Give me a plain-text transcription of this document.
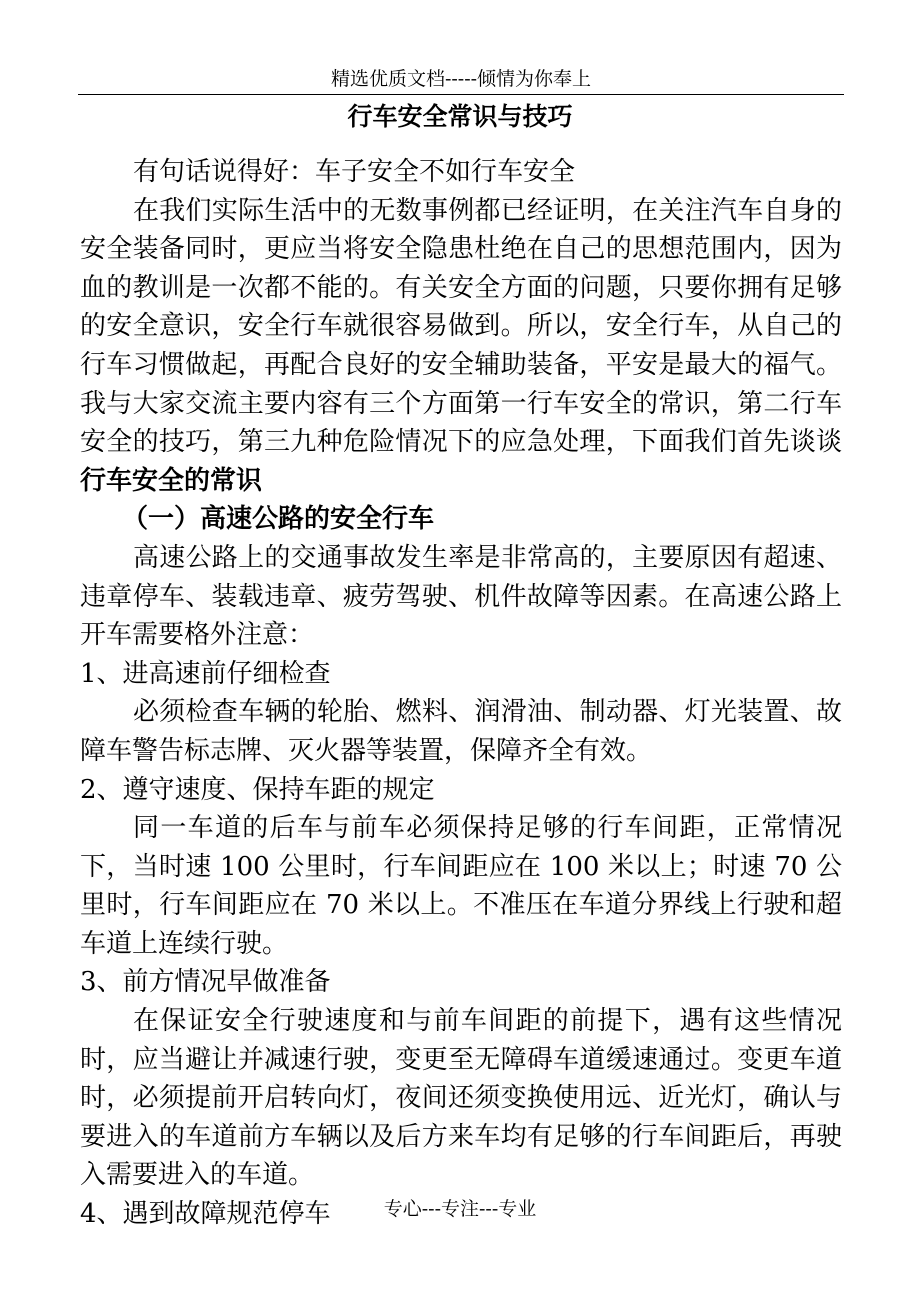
精选优质文档-----倾情为你奉上
行车安全常识与技巧

有句话说得好：车子安全不如行车安全

在我们实际生活中的无数事例都已经证明，在关注汽车自身的安全装备同时，更应当将安全隐患杜绝在自己的思想范围内，因为血的教训是一次都不能的。有关安全方面的问题，只要你拥有足够的安全意识，安全行车就很容易做到。所以，安全行车，从自己的行车习惯做起，再配合良好的安全辅助装备，平安是最大的福气。我与大家交流主要内容有三个方面第一行车安全的常识，第二行车安全的技巧，第三九种危险情况下的应急处理，下面我们首先谈谈行车安全的常识

（一）高速公路的安全行车

高速公路上的交通事故发生率是非常高的，主要原因有超速、违章停车、装载违章、疲劳驾驶、机件故障等因素。在高速公路上开车需要格外注意：

1、进高速前仔细检查

必须检查车辆的轮胎、燃料、润滑油、制动器、灯光装置、故障车警告标志牌、灭火器等装置，保障齐全有效。

2、遵守速度、保持车距的规定

同一车道的后车与前车必须保持足够的行车间距，正常情况下，当时速 100 公里时，行车间距应在 100 米以上；时速 70 公里时，行车间距应在 70 米以上。不准压在车道分界线上行驶和超车道上连续行驶。

3、前方情况早做准备

在保证安全行驶速度和与前车间距的前提下，遇有这些情况时，应当避让并减速行驶，变更至无障碍车道缓速通过。变更车道时，必须提前开启转向灯，夜间还须变换使用远、近光灯，确认与要进入的车道前方车辆以及后方来车均有足够的行车间距后，再驶入需要进入的车道。

4、遇到故障规范停车	专心---专注---专业
